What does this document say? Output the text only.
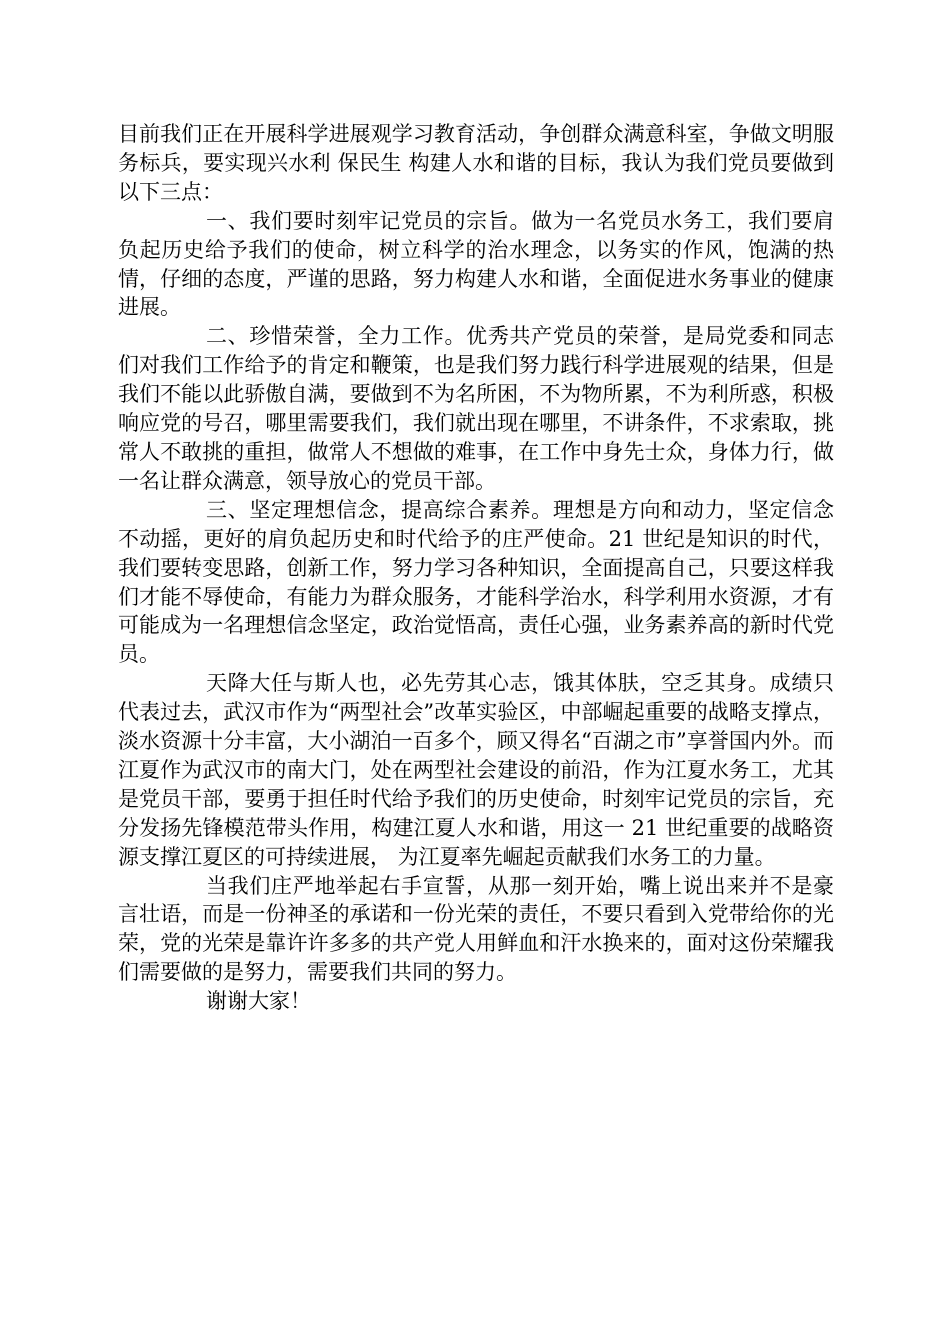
目前我们正在开展科学进展观学习教育活动，争创群众满意科室，争做文明服务标兵，要实现兴水利 保民生 构建人水和谐的目标，我认为我们党员要做到以下三点：

一、我们要时刻牢记党员的宗旨。做为一名党员水务工，我们要肩负起历史给予我们的使命，树立科学的治水理念，以务实的作风，饱满的热情，仔细的态度，严谨的思路，努力构建人水和谐，全面促进水务事业的健康进展。

二、珍惜荣誉，全力工作。优秀共产党员的荣誉，是局党委和同志们对我们工作给予的肯定和鞭策，也是我们努力践行科学进展观的结果，但是我们不能以此骄傲自满，要做到不为名所困，不为物所累，不为利所惑，积极响应党的号召，哪里需要我们，我们就出现在哪里，不讲条件，不求索取，挑常人不敢挑的重担，做常人不想做的难事，在工作中身先士众，身体力行，做一名让群众满意，领导放心的党员干部。

三、坚定理想信念，提高综合素养。理想是方向和动力，坚定信念不动摇，更好的肩负起历史和时代给予的庄严使命。21 世纪是知识的时代，我们要转变思路，创新工作，努力学习各种知识，全面提高自己，只要这样我们才能不辱使命，有能力为群众服务，才能科学治水，科学利用水资源，才有可能成为一名理想信念坚定，政治觉悟高，责任心强，业务素养高的新时代党员。

天降大任与斯人也，必先劳其心志，饿其体肤，空乏其身。成绩只代表过去，武汉市作为“两型社会”改革实验区，中部崛起重要的战略支撑点，淡水资源十分丰富，大小湖泊一百多个，顾又得名“百湖之市”享誉国内外。而江夏作为武汉市的南大门，处在两型社会建设的前沿，作为江夏水务工，尤其是党员干部，要勇于担任时代给予我们的历史使命，时刻牢记党员的宗旨，充分发扬先锋模范带头作用，构建江夏人水和谐，用这一 21 世纪重要的战略资源支撑江夏区的可持续进展， 为江夏率先崛起贡献我们水务工的力量。

当我们庄严地举起右手宣誓，从那一刻开始，嘴上说出来并不是豪言壮语，而是一份神圣的承诺和一份光荣的责任，不要只看到入党带给你的光荣，党的光荣是靠许许多多的共产党人用鲜血和汗水换来的，面对这份荣耀我们需要做的是努力，需要我们共同的努力。

谢谢大家！
